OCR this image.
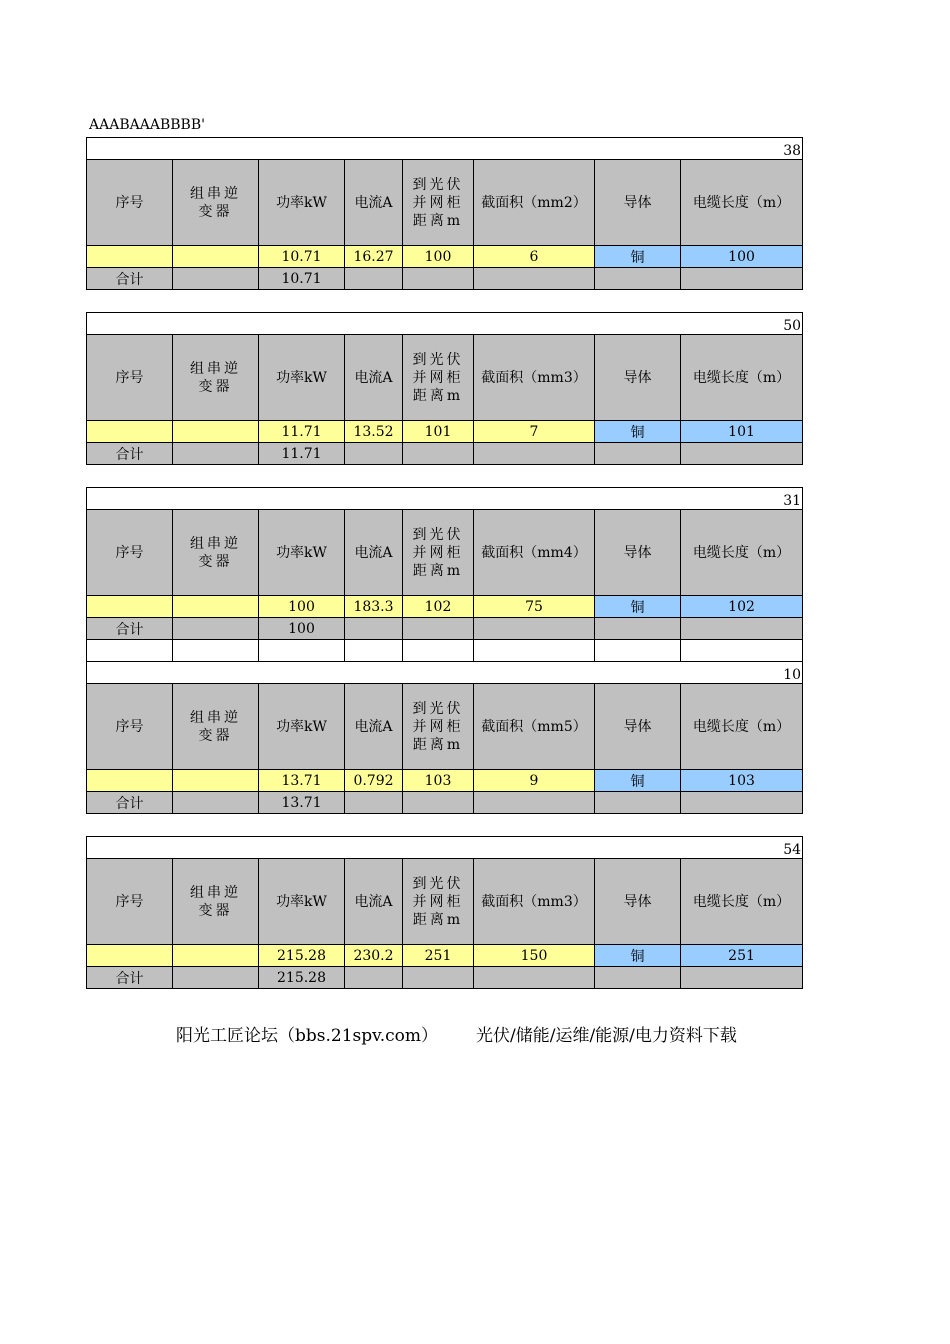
AAABAAABBBB'
38							
序号	组串逆变器	功率kW	电流A	到光伏并网柜距离m	截面积（mm2）	导体	电缆长度（m）
		10.71	16.27	100	6	铜	100
合计		10.71					
50							
序号	组串逆变器	功率kW	电流A	到光伏并网柜距离m	截面积（mm3）	导体	电缆长度（m）
		11.71	13.52	101	7	铜	101
合计		11.71					
31							
序号	组串逆变器	功率kW	电流A	到光伏并网柜距离m	截面积（mm4）	导体	电缆长度（m）
		100	183.3	102	75	铜	102
合计		100					

10							
序号	组串逆变器	功率kW	电流A	到光伏并网柜距离m	截面积（mm5）	导体	电缆长度（m）
		13.71	0.792	103	9	铜	103
合计		13.71					
54							
序号	组串逆变器	功率kW	电流A	到光伏并网柜距离m	截面积（mm3）	导体	电缆长度（m）
		215.28	230.2	251	150	铜	251
合计		215.28					
阳光工匠论坛（bbs.21spv.com） 光伏/储能/运维/能源/电力资料下载
